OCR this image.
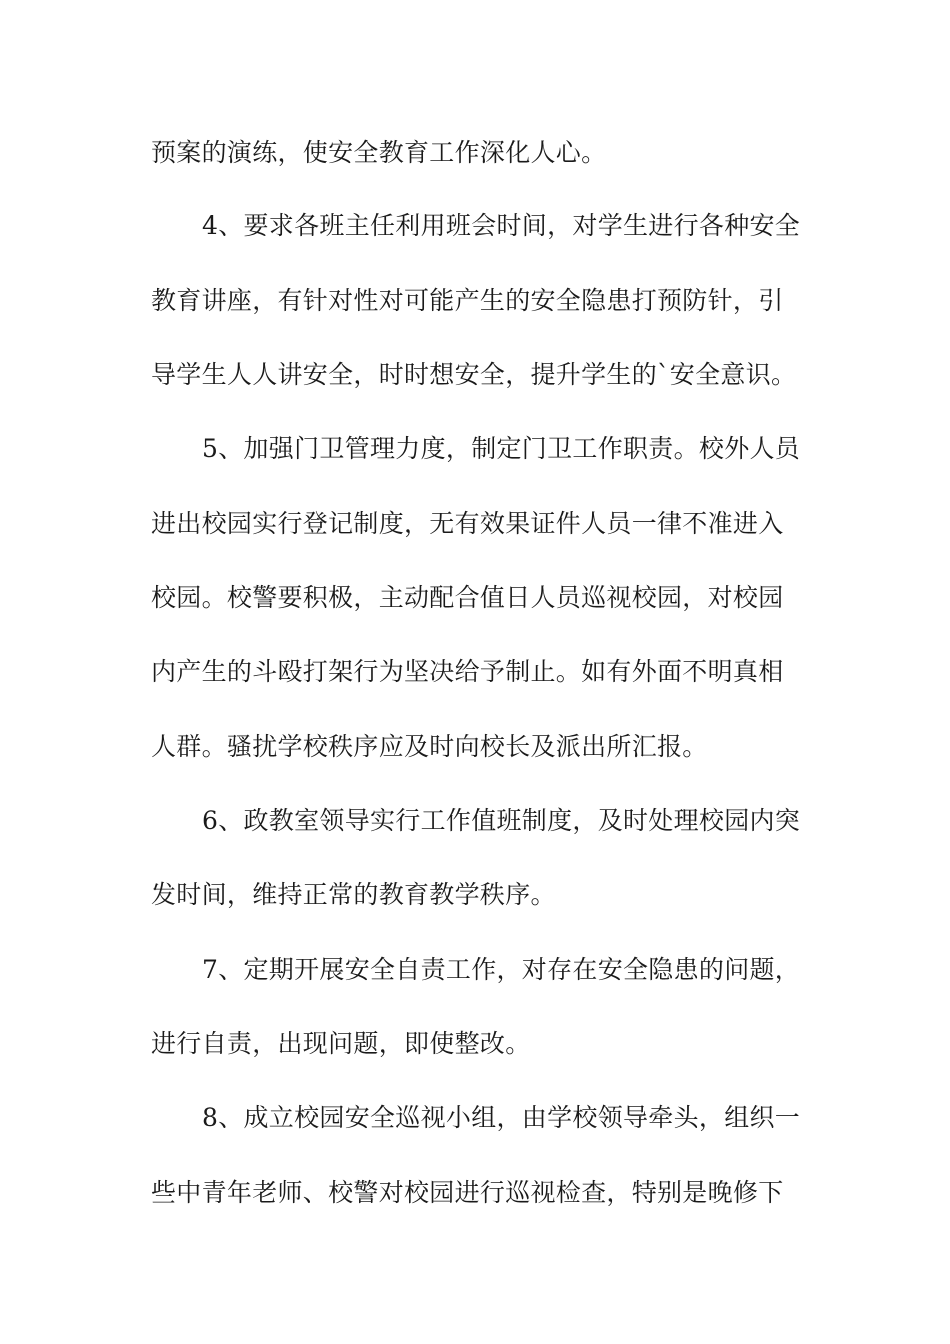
预案的演练，使安全教育工作深化人心。
4、要求各班主任利用班会时间，对学生进行各种安全
教育讲座，有针对性对可能产生的安全隐患打预防针，引
导学生人人讲安全，时时想安全，提升学生的`安全意识。
5、加强门卫管理力度，制定门卫工作职责。校外人员
进出校园实行登记制度，无有效果证件人员一律不准进入
校园。校警要积极，主动配合值日人员巡视校园，对校园
内产生的斗殴打架行为坚决给予制止。如有外面不明真相
人群。骚扰学校秩序应及时向校长及派出所汇报。
6、政教室领导实行工作值班制度，及时处理校园内突
发时间，维持正常的教育教学秩序。
7、定期开展安全自责工作，对存在安全隐患的问题，
进行自责，出现问题，即使整改。
8、成立校园安全巡视小组，由学校领导牵头，组织一
些中青年老师、校警对校园进行巡视检查，特别是晚修下
